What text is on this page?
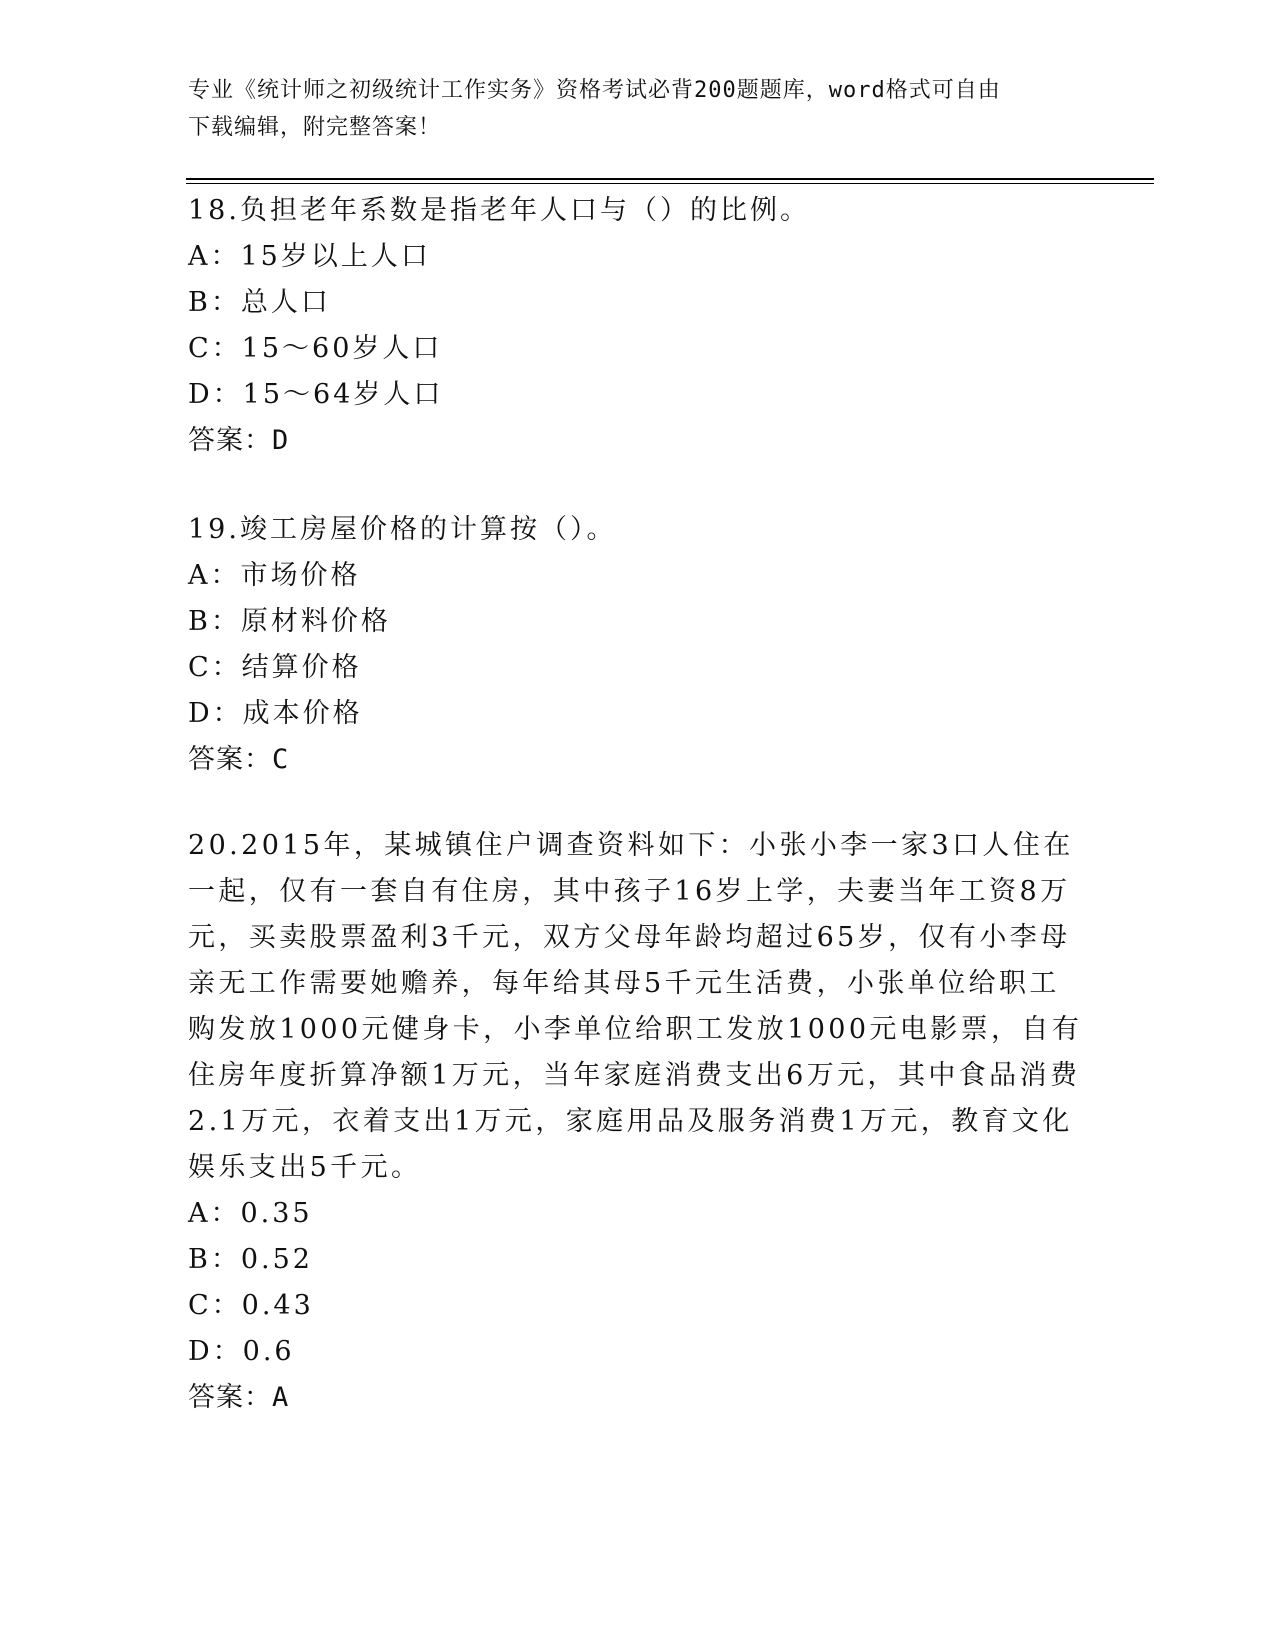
专业《统计师之初级统计工作实务》资格考试必背200题题库，word格式可自由
下载编辑，附完整答案！

18.负担老年系数是指老年人口与（）的比例。

A：15岁以上人口

B：总人口

C：15～60岁人口

D：15～64岁人口

答案：D

19.竣工房屋价格的计算按（）。

A：市场价格

B：原材料价格

C：结算价格

D：成本价格

答案：C

20.2015年，某城镇住户调查资料如下：小张小李一家3口人住在一起，仅有一套自有住房，其中孩子16岁上学，夫妻当年工资8万元，买卖股票盈利3千元，双方父母年龄均超过65岁，仅有小李母亲无工作需要她赡养，每年给其母5千元生活费，小张单位给职工购发放1000元健身卡，小李单位给职工发放1000元电影票，自有住房年度折算净额1万元，当年家庭消费支出6万元，其中食品消费2.1万元，衣着支出1万元，家庭用品及服务消费1万元，教育文化娱乐支出5千元。

A：0.35

B：0.52

C：0.43

D：0.6

答案：A
